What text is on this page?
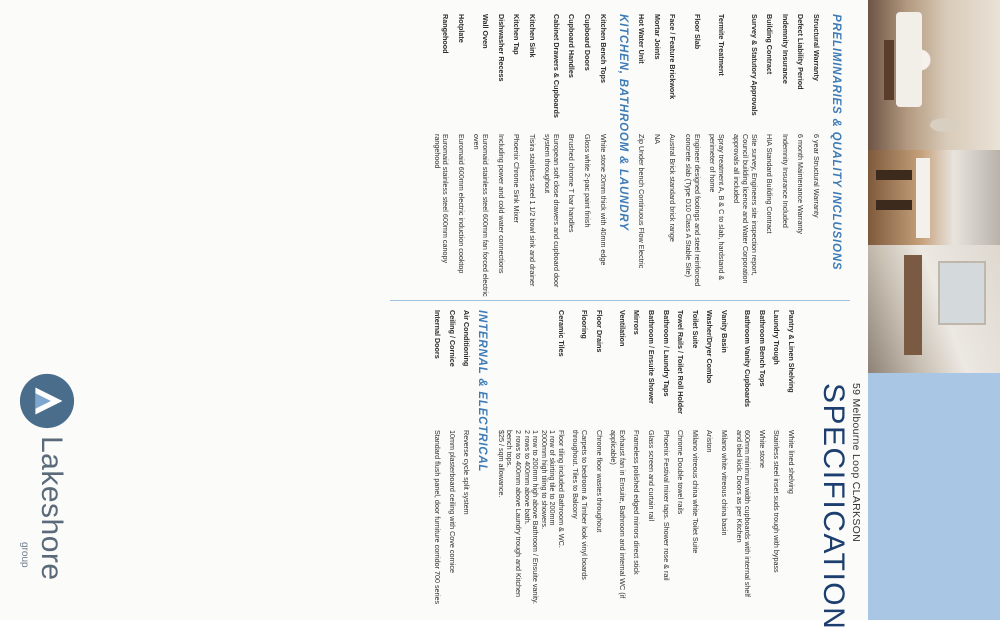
59 Melbourne Loop CLARKSON
SPECIFICATION
PRELIMINARIES & QUALITY INCLUSIONS
Structural Warranty
6 year Structural Warranty
Defect Liability Period
6 month Maintenance Warranty
Indemnity Insurance
Indemnity Insurance Included
Building Contract
HIA Standard Building Contract
Survey & Statutory Approvals
Site survey, Engineers site inspection report, Council building licence and Water Corporation approvals all included
Termite Treatment
Spray treatment A, B & C to slab, hardstand & perimeter of home
Floor Slab
Engineer designed footings and steel reinforced concrete slab (Type D10 Class A Stable Site)
Face / Feature Brickwork
Austral Brick standard brick range
Mortar Joints
NA
Hot Water Unit
Zip Under bench Continuous Flow Electric
KITCHEN, BATHROOM & LAUNDRY
Kitchen Bench Tops
White stone 20mm thick with 40mm edge
Cupboard Doors
Gloss white 2-pac paint finish
Cupboard Handles
Brushed chrome T bar handles
Cabinet Drawers & Cupboards
European soft close drawers and cupboard door system throughout
Kitchen Sink
Tisira stainless steel 1 1/2 bowl sink and drainer
Kitchen Tap
Phoenix Chrome Sink Mixer
Dishwasher Recess
Including power and cold water connections
Wall Oven
Euromaid stainless steel 600mm fan forced electric oven
Hotplate
Euromaid 600mm electric induction cooktop
Rangehood
Euromaid stainless steel 600mm canopy rangehood
Pantry & Linen Shelving
White lined shelving
Laundry Trough
Stainless steel inset suds trough with bypass
Bathroom Bench Tops
White stone
Bathroom Vanity Cupboards
600mm minimum width cupboards with internal shelf and tiled kick. Doors as per Kitchen
Vanity Basin
Milano white vitreous china basin
Washer/Dryer Combo
Ariston
Toilet Suite
Milano vitreous china white Toilet Suite
Towel Rails / Toilet Roll Holder
Chrome Double towel rails
Bathroom / Laundry Taps
Phoenix Festival mixer taps. Shower rose & rail
Bathroom / Ensuite Shower
Glass screen and curtain rail
Mirrors
Frameless polished edged mirrors direct stick
Ventilation
Exhaust fan in Ensuite, Bathroom and internal WC (if applicable)
Floor Drains
Chrome floor wastes throughout
Flooring
Carpets to bedroom & Timber look vinyl boards throughout. Tiles to Balcony
Ceramic Tiles
Floor tiling included Bathroom & WC.
1 row of skirting tile to 200mm
2000mm high tiling to showers.
1 row to 200mm high above Bathroom / Ensuite vanity.
2 rows to 400mm above bath.
2 rows to 400mm above Laundry trough and Kitchen bench tops.
$25 / sqm allowance.
INTERNAL & ELECTRICAL
Air Conditioning
Reverse cycle split system
Ceiling / Cornice
10mm plasterboard ceiling with Cove cornice
Internal Doors
Standard flush panel, door furniture corridor 700 series
Lakeshore
group
